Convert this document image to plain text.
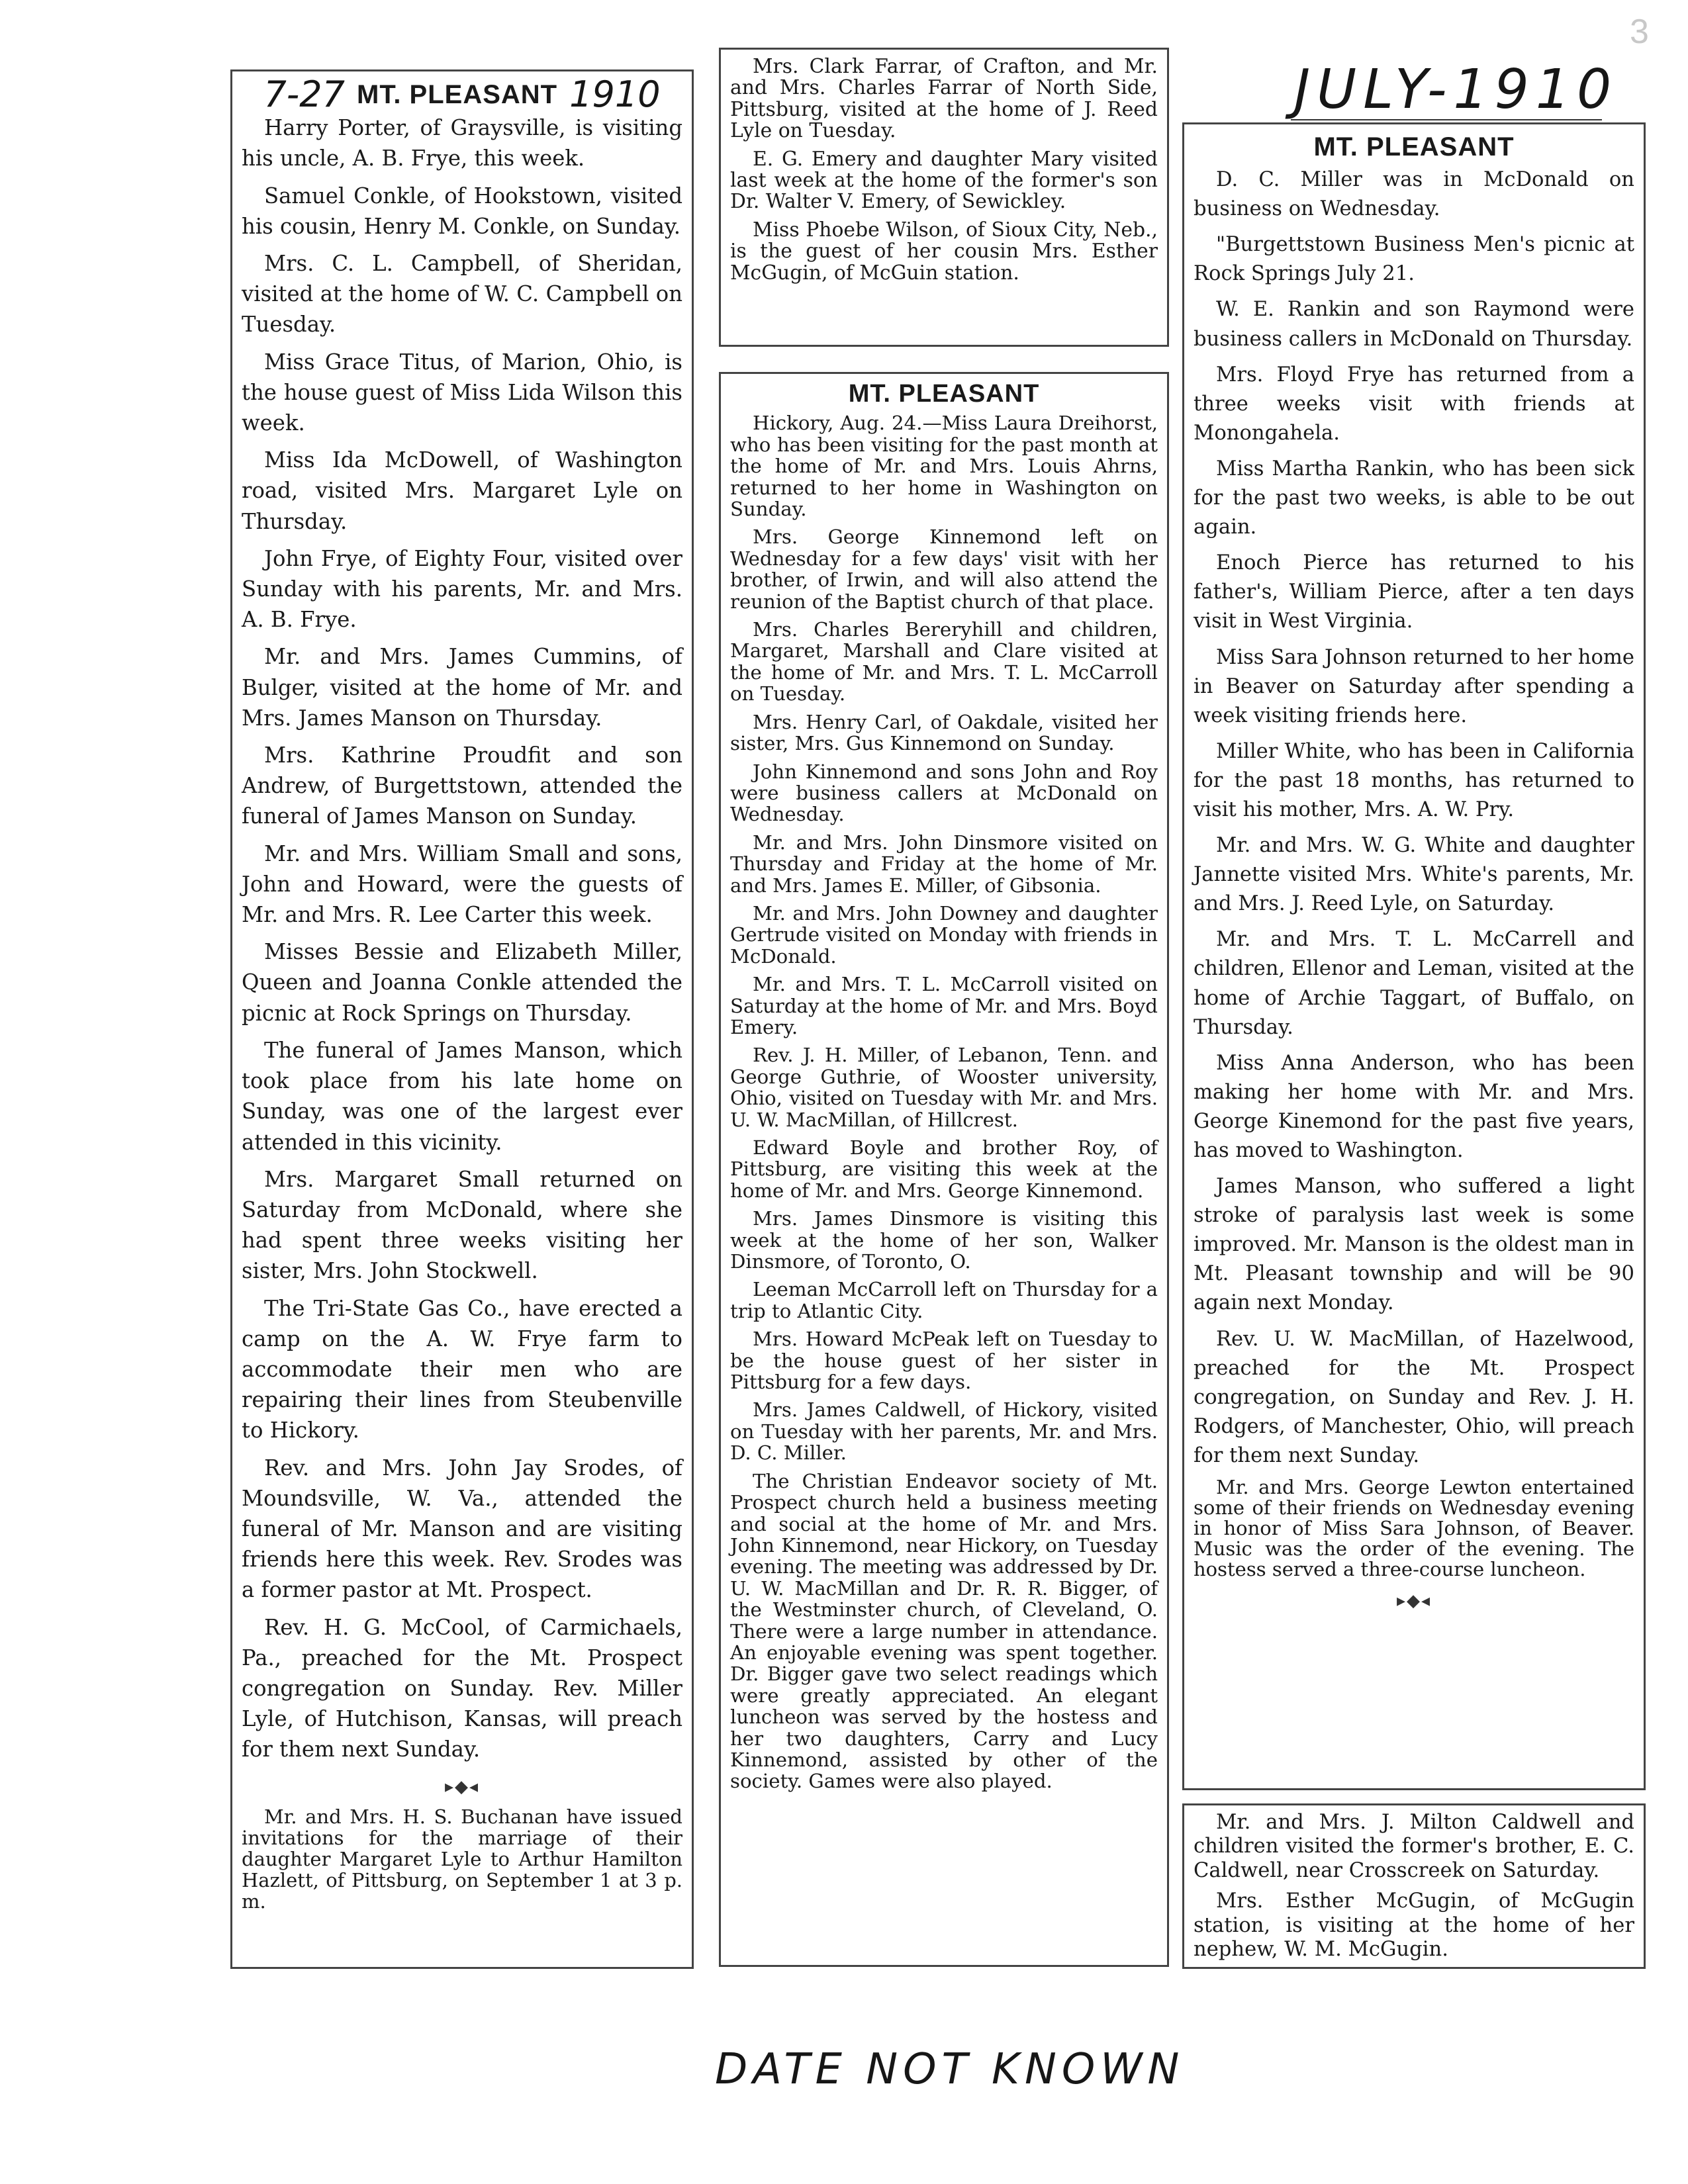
3
JULY-1910
7-27 MT. PLEASANT 1910

Harry Porter, of Graysville, is visiting his uncle, A. B. Frye, this week.

Samuel Conkle, of Hookstown, visited his cousin, Henry M. Conkle, on Sunday.

Mrs. C. L. Campbell, of Sheridan, visited at the home of W. C. Campbell on Tuesday.

Miss Grace Titus, of Marion, Ohio, is the house guest of Miss Lida Wilson this week.

Miss Ida McDowell, of Washington road, visited Mrs. Margaret Lyle on Thursday.

John Frye, of Eighty Four, visited over Sunday with his parents, Mr. and Mrs. A. B. Frye.

Mr. and Mrs. James Cummins, of Bulger, visited at the home of Mr. and Mrs. James Manson on Thursday.

Mrs. Kathrine Proudfit and son Andrew, of Burgettstown, attended the funeral of James Manson on Sunday.

Mr. and Mrs. William Small and sons, John and Howard, were the guests of Mr. and Mrs. R. Lee Carter this week.

Misses Bessie and Elizabeth Miller, Queen and Joanna Conkle attended the picnic at Rock Springs on Thursday.

The funeral of James Manson, which took place from his late home on Sunday, was one of the largest ever attended in this vicinity.

Mrs. Margaret Small returned on Saturday from McDonald, where she had spent three weeks visiting her sister, Mrs. John Stockwell.

The Tri-State Gas Co., have erected a camp on the A. W. Frye farm to accommodate their men who are repairing their lines from Steubenville to Hickory.

Rev. and Mrs. John Jay Srodes, of Moundsville, W. Va., attended the funeral of Mr. Manson and are visiting friends here this week. Rev. Srodes was a former pastor at Mt. Prospect.

Rev. H. G. McCool, of Carmichaels, Pa., preached for the Mt. Prospect congregation on Sunday. Rev. Miller Lyle, of Hutchison, Kansas, will preach for them next Sunday.

▸◆◂

Mr. and Mrs. H. S. Buchanan have issued invitations for the marriage of their daughter Margaret Lyle to Arthur Hamilton Hazlett, of Pittsburg, on September 1 at 3 p. m.

Mrs. Clark Farrar, of Crafton, and Mr. and Mrs. Charles Farrar of North Side, Pittsburg, visited at the home of J. Reed Lyle on Tuesday.

E. G. Emery and daughter Mary visited last week at the home of the former's son Dr. Walter V. Emery, of Sewickley.

Miss Phoebe Wilson, of Sioux City, Neb., is the guest of her cousin Mrs. Esther McGugin, of McGuin station.

MT. PLEASANT

Hickory, Aug. 24.—Miss Laura Dreihorst, who has been visiting for the past month at the home of Mr. and Mrs. Louis Ahrns, returned to her home in Washington on Sunday.

Mrs. George Kinnemond left on Wednesday for a few days' visit with her brother, of Irwin, and will also attend the reunion of the Baptist church of that place.

Mrs. Charles Bereryhill and children, Margaret, Marshall and Clare visited at the home of Mr. and Mrs. T. L. McCarroll on Tuesday.

Mrs. Henry Carl, of Oakdale, visited her sister, Mrs. Gus Kinnemond on Sunday.

John Kinnemond and sons John and Roy were business callers at McDonald on Wednesday.

Mr. and Mrs. John Dinsmore visited on Thursday and Friday at the home of Mr. and Mrs. James E. Miller, of Gibsonia.

Mr. and Mrs. John Downey and daughter Gertrude visited on Monday with friends in McDonald.

Mr. and Mrs. T. L. McCarroll visited on Saturday at the home of Mr. and Mrs. Boyd Emery.

Rev. J. H. Miller, of Lebanon, Tenn. and George Guthrie, of Wooster university, Ohio, visited on Tuesday with Mr. and Mrs. U. W. MacMillan, of Hillcrest.

Edward Boyle and brother Roy, of Pittsburg, are visiting this week at the home of Mr. and Mrs. George Kinnemond.

Mrs. James Dinsmore is visiting this week at the home of her son, Walker Dinsmore, of Toronto, O.

Leeman McCarroll left on Thursday for a trip to Atlantic City.

Mrs. Howard McPeak left on Tuesday to be the house guest of her sister in Pittsburg for a few days.

Mrs. James Caldwell, of Hickory, visited on Tuesday with her parents, Mr. and Mrs. D. C. Miller.

The Christian Endeavor society of Mt. Prospect church held a business meeting and social at the home of Mr. and Mrs. John Kinnemond, near Hickory, on Tuesday evening. The meeting was addressed by Dr. U. W. MacMillan and Dr. R. R. Bigger, of the Westminster church, of Cleveland, O. There were a large number in attendance. An enjoyable evening was spent together. Dr. Bigger gave two select readings which were greatly appreciated. An elegant luncheon was served by the hostess and her two daughters, Carry and Lucy Kinnemond, assisted by other of the society. Games were also played.

MT. PLEASANT

D. C. Miller was in McDonald on business on Wednesday.

"Burgettstown Business Men's picnic at Rock Springs July 21.

W. E. Rankin and son Raymond were business callers in McDonald on Thursday.

Mrs. Floyd Frye has returned from a three weeks visit with friends at Monongahela.

Miss Martha Rankin, who has been sick for the past two weeks, is able to be out again.

Enoch Pierce has returned to his father's, William Pierce, after a ten days visit in West Virginia.

Miss Sara Johnson returned to her home in Beaver on Saturday after spending a week visiting friends here.

Miller White, who has been in California for the past 18 months, has returned to visit his mother, Mrs. A. W. Pry.

Mr. and Mrs. W. G. White and daughter Jannette visited Mrs. White's parents, Mr. and Mrs. J. Reed Lyle, on Saturday.

Mr. and Mrs. T. L. McCarrell and children, Ellenor and Leman, visited at the home of Archie Taggart, of Buffalo, on Thursday.

Miss Anna Anderson, who has been making her home with Mr. and Mrs. George Kinemond for the past five years, has moved to Washington.

James Manson, who suffered a light stroke of paralysis last week is some improved. Mr. Manson is the oldest man in Mt. Pleasant township and will be 90 again next Monday.

Rev. U. W. MacMillan, of Hazelwood, preached for the Mt. Prospect congregation, on Sunday and Rev. J. H. Rodgers, of Manchester, Ohio, will preach for them next Sunday.

Mr. and Mrs. George Lewton entertained some of their friends on Wednesday evening in honor of Miss Sara Johnson, of Beaver. Music was the order of the evening. The hostess served a three-course luncheon.

▸◆◂

Mr. and Mrs. J. Milton Caldwell and children visited the former's brother, E. C. Caldwell, near Crosscreek on Saturday.

Mrs. Esther McGugin, of McGugin station, is visiting at the home of her nephew, W. M. McGugin.

DATE NOT KNOWN
